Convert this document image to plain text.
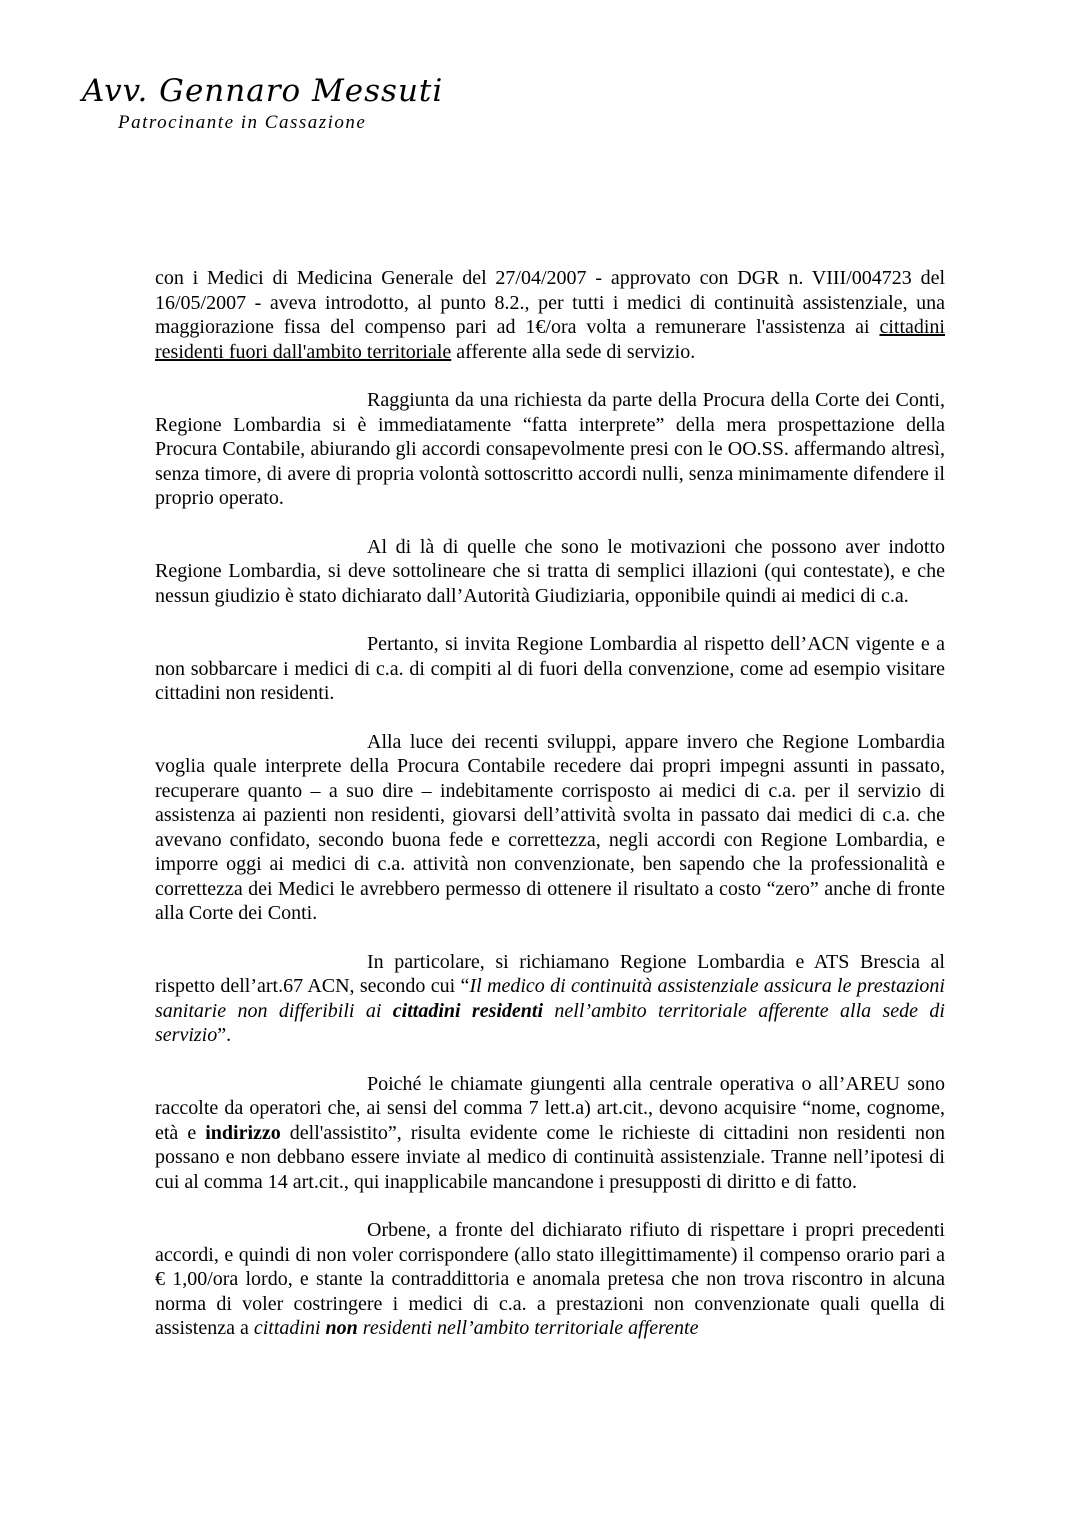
Avv. Gennaro Messuti
Patrocinante in Cassazione

con i Medici di Medicina Generale del 27/04/2007 - approvato con DGR n. VIII/004723 del 16/05/2007 - aveva introdotto, al punto 8.2., per tutti i medici di continuità assistenziale, una maggiorazione fissa del compenso pari ad 1€/ora volta a remunerare l'assistenza ai cittadini residenti fuori dall'ambito territoriale afferente alla sede di servizio.

Raggiunta da una richiesta da parte della Procura della Corte dei Conti, Regione Lombardia si è immediatamente “fatta interprete” della mera prospettazione della Procura Contabile, abiurando gli accordi consapevolmente presi con le OO.SS. affermando altresì, senza timore, di avere di propria volontà sottoscritto accordi nulli, senza minimamente difendere il proprio operato.

Al di là di quelle che sono le motivazioni che possono aver indotto Regione Lombardia, si deve sottolineare che si tratta di semplici illazioni (qui contestate), e che nessun giudizio è stato dichiarato dall’Autorità Giudiziaria, opponibile quindi ai medici di c.a.

Pertanto, si invita Regione Lombardia al rispetto dell’ACN vigente e a non sobbarcare i medici di c.a. di compiti al di fuori della convenzione, come ad esempio visitare cittadini non residenti.

Alla luce dei recenti sviluppi, appare invero che Regione Lombardia voglia quale interprete della Procura Contabile recedere dai propri impegni assunti in passato, recuperare quanto – a suo dire – indebitamente corrisposto ai medici di c.a. per il servizio di assistenza ai pazienti non residenti, giovarsi dell’attività svolta in passato dai medici di c.a. che avevano confidato, secondo buona fede e correttezza, negli accordi con Regione Lombardia, e imporre oggi ai medici di c.a. attività non convenzionate, ben sapendo che la professionalità e correttezza dei Medici le avrebbero permesso di ottenere il risultato a costo “zero” anche di fronte alla Corte dei Conti.

In particolare, si richiamano Regione Lombardia e ATS Brescia al rispetto dell’art.67 ACN, secondo cui “Il medico di continuità assistenziale assicura le prestazioni sanitarie non differibili ai cittadini residenti nell’ambito territoriale afferente alla sede di servizio”.

Poiché le chiamate giungenti alla centrale operativa o all’AREU sono raccolte da operatori che, ai sensi del comma 7 lett.a) art.cit., devono acquisire “nome, cognome, età e indirizzo dell'assistito”, risulta evidente come le richieste di cittadini non residenti non possano e non debbano essere inviate al medico di continuità assistenziale. Tranne nell’ipotesi di cui al comma 14 art.cit., qui inapplicabile mancandone i presupposti di diritto e di fatto.

Orbene, a fronte del dichiarato rifiuto di rispettare i propri precedenti accordi, e quindi di non voler corrispondere (allo stato illegittimamente) il compenso orario pari a € 1,00/ora lordo, e stante la contraddittoria e anomala pretesa che non trova riscontro in alcuna norma di voler costringere i medici di c.a. a prestazioni non convenzionate quali quella di assistenza a cittadini non residenti nell’ambito territoriale afferente
